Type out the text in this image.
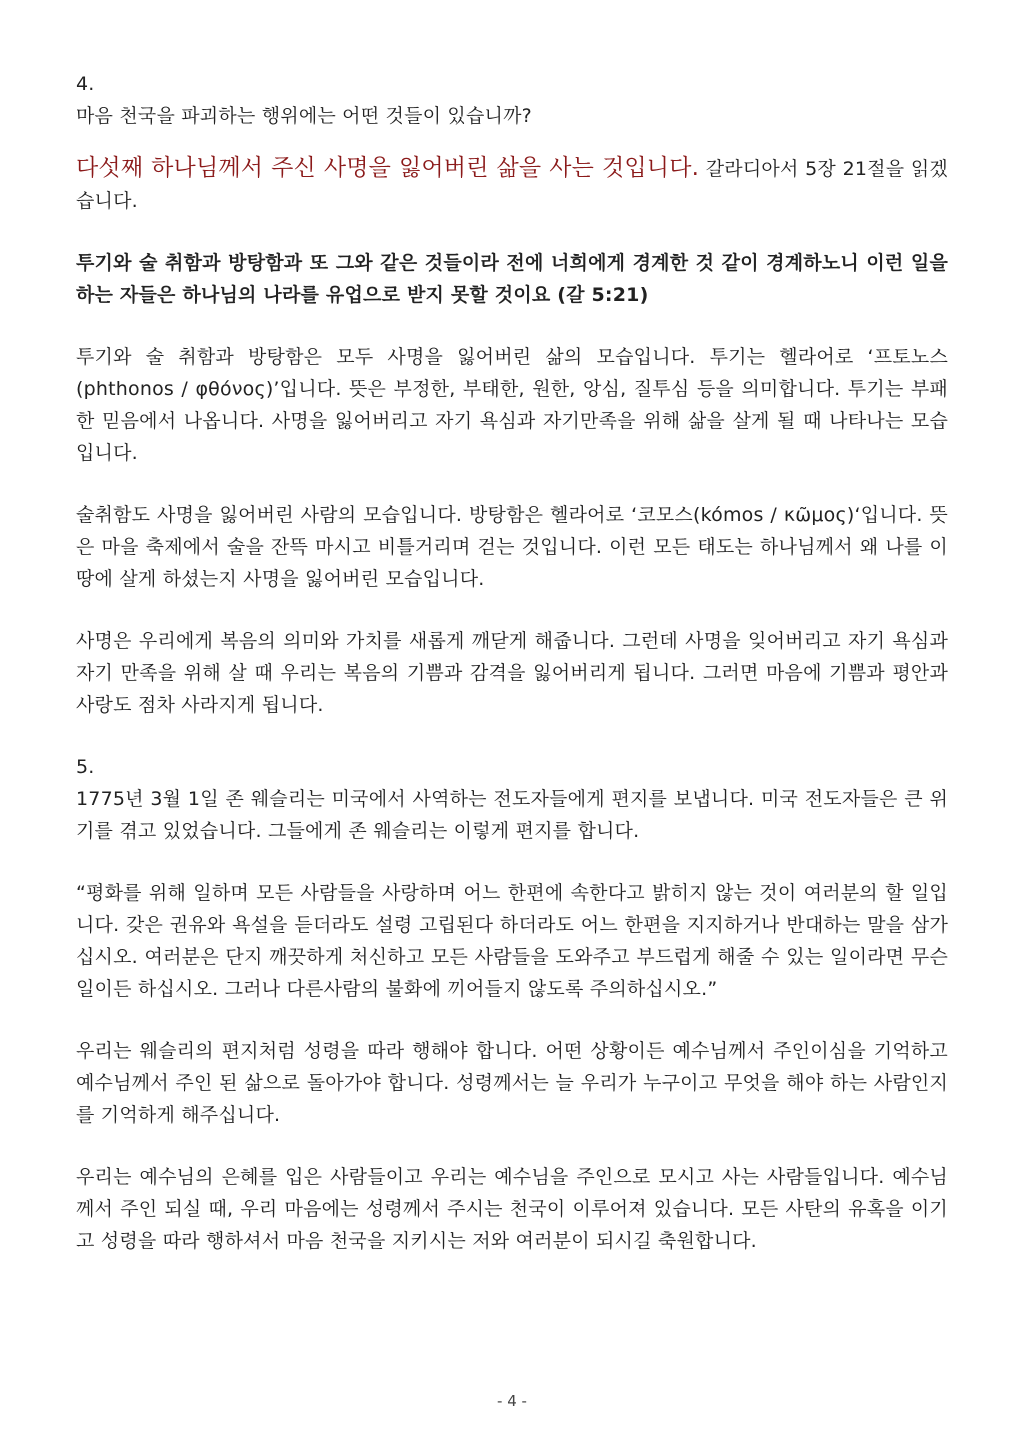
4.

마음 천국을 파괴하는 행위에는 어떤 것들이 있습니까?

다섯째 하나님께서 주신 사명을 잃어버린 삶을 사는 것입니다. 갈라디아서 5장 21절을 읽겠습니다.

투기와 술 취함과 방탕함과 또 그와 같은 것들이라 전에 너희에게 경계한 것 같이 경계하노니 이런 일을 하는 자들은 하나님의 나라를 유업으로 받지 못할 것이요 (갈 5:21)

투기와 술 취함과 방탕함은 모두 사명을 잃어버린 삶의 모습입니다. 투기는 헬라어로 ‘프토노스(phthonos / φθόνος)’입니다. 뜻은 부정한, 부태한, 원한, 앙심, 질투심 등을 의미합니다. 투기는 부패한 믿음에서 나옵니다. 사명을 잃어버리고 자기 욕심과 자기만족을 위해 삶을 살게 될 때 나타나는 모습입니다.

술취함도 사명을 잃어버린 사람의 모습입니다. 방탕함은 헬라어로 ‘코모스(kómos / κῶμος)‘입니다. 뜻은 마을 축제에서 술을 잔뜩 마시고 비틀거리며 걷는 것입니다. 이런 모든 태도는 하나님께서 왜 나를 이 땅에 살게 하셨는지 사명을 잃어버린 모습입니다.

사명은 우리에게 복음의 의미와 가치를 새롭게 깨닫게 해줍니다. 그런데 사명을 잊어버리고 자기 욕심과 자기 만족을 위해 살 때 우리는 복음의 기쁨과 감격을 잃어버리게 됩니다. 그러면 마음에 기쁨과 평안과 사랑도 점차 사라지게 됩니다.

5.

1775년 3월 1일 존 웨슬리는 미국에서 사역하는 전도자들에게 편지를 보냅니다. 미국 전도자들은 큰 위기를 겪고 있었습니다. 그들에게 존 웨슬리는 이렇게 편지를 합니다.

“평화를 위해 일하며 모든 사람들을 사랑하며 어느 한편에 속한다고 밝히지 않는 것이 여러분의 할 일입니다. 갖은 권유와 욕설을 듣더라도 설령 고립된다 하더라도 어느 한편을 지지하거나 반대하는 말을 삼가십시오. 여러분은 단지 깨끗하게 처신하고 모든 사람들을 도와주고 부드럽게 해줄 수 있는 일이라면 무슨 일이든 하십시오. 그러나 다른사람의 불화에 끼어들지 않도록 주의하십시오.”

우리는 웨슬리의 편지처럼 성령을 따라 행해야 합니다. 어떤 상황이든 예수님께서 주인이심을 기억하고 예수님께서 주인 된 삶으로 돌아가야 합니다. 성령께서는 늘 우리가 누구이고 무엇을 해야 하는 사람인지를 기억하게 해주십니다.

우리는 예수님의 은혜를 입은 사람들이고 우리는 예수님을 주인으로 모시고 사는 사람들입니다. 예수님께서 주인 되실 때, 우리 마음에는 성령께서 주시는 천국이 이루어져 있습니다. 모든 사탄의 유혹을 이기고 성령을 따라 행하셔서 마음 천국을 지키시는 저와 여러분이 되시길 축원합니다.

- 4 -
